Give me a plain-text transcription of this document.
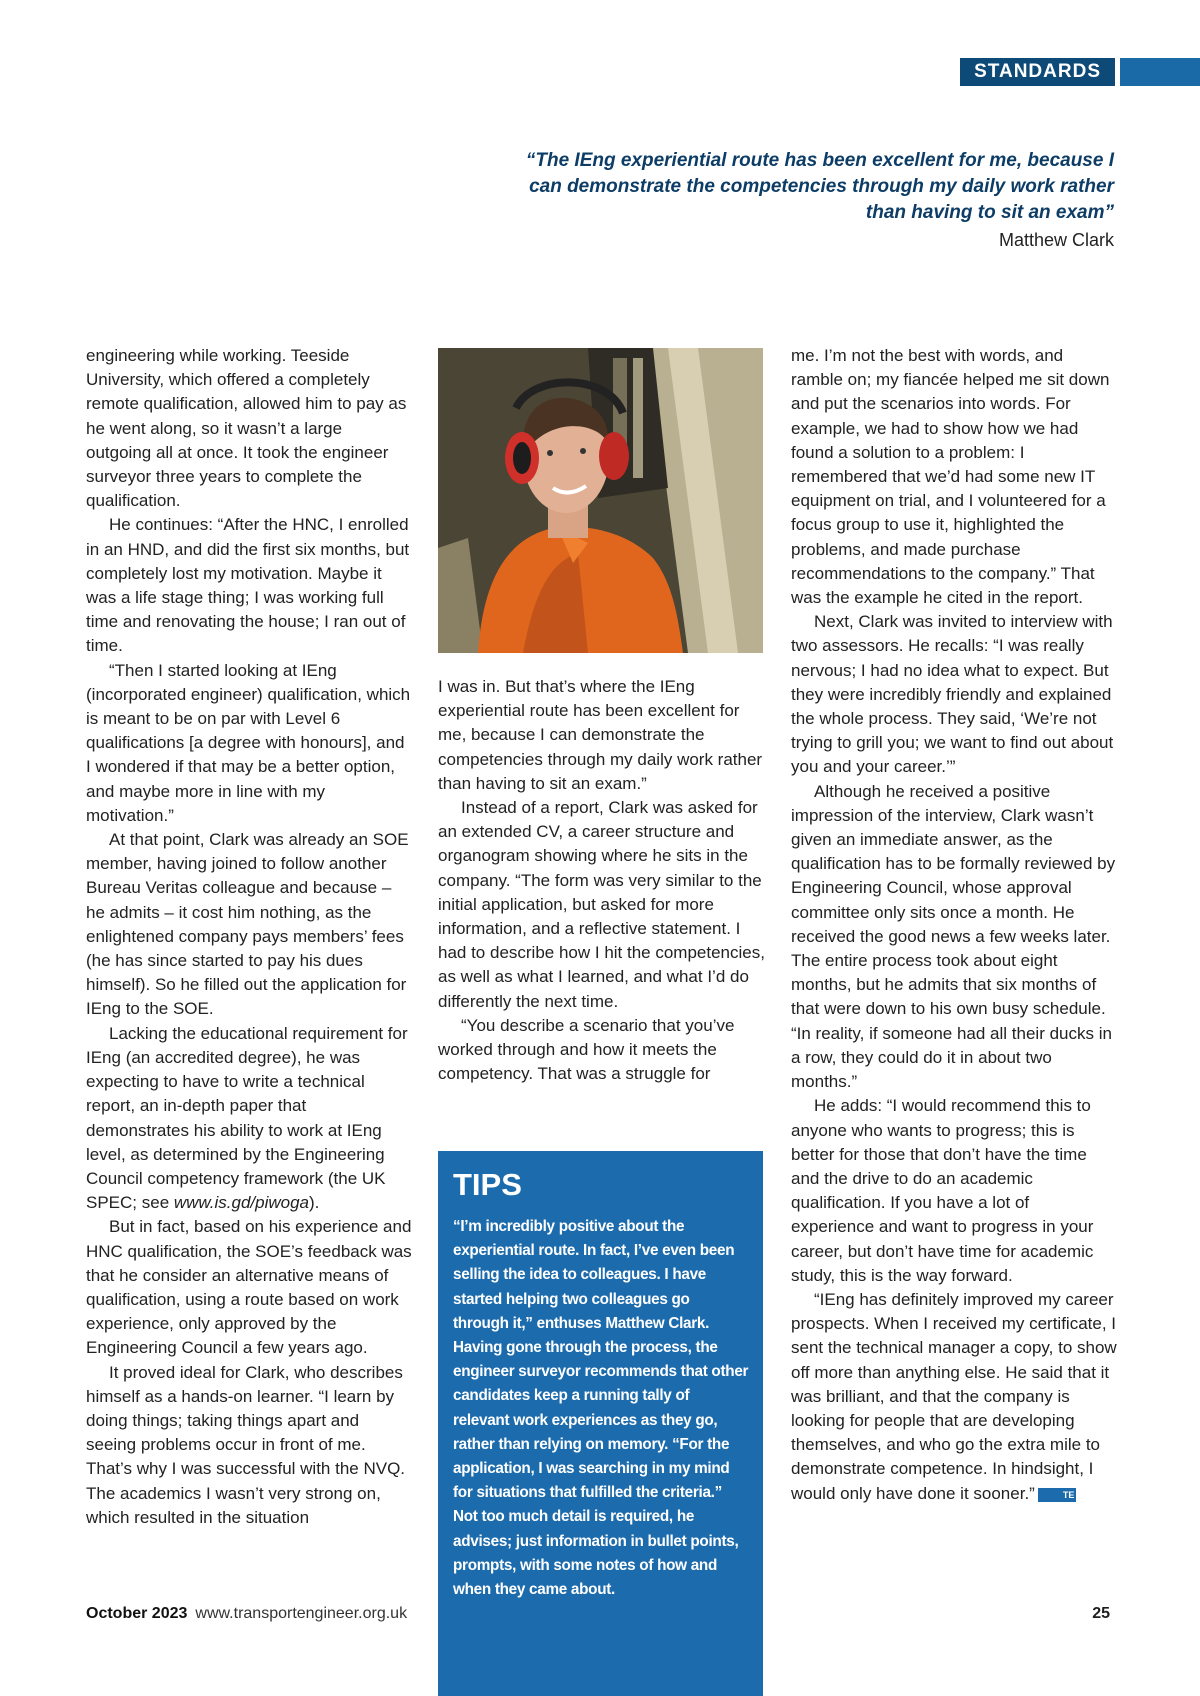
STANDARDS
“The IEng experiential route has been excellent for me, because I can demonstrate the competencies through my daily work rather than having to sit an exam”
Matthew Clark

engineering while working. Teeside University, which offered a completely remote qualification, allowed him to pay as he went along, so it wasn’t a large outgoing all at once. It took the engineer surveyor three years to complete the qualification.

He continues: “After the HNC, I enrolled in an HND, and did the first six months, but completely lost my motivation. Maybe it was a life stage thing; I was working full time and renovating the house; I ran out of time.

“Then I started looking at IEng (incorporated engineer) qualification, which is meant to be on par with Level 6 qualifications [a degree with honours], and I wondered if that may be a better option, and maybe more in line with my motivation.”

At that point, Clark was already an SOE member, having joined to follow another Bureau Veritas colleague and because – he admits – it cost him nothing, as the enlightened company pays members’ fees (he has since started to pay his dues himself). So he filled out the application for IEng to the SOE.

Lacking the educational requirement for IEng (an accredited degree), he was expecting to have to write a technical report, an in-depth paper that demonstrates his ability to work at IEng level, as determined by the Engineering Council competency framework (the UK SPEC; see www.is.gd/piwoga).

But in fact, based on his experience and HNC qualification, the SOE’s feedback was that he consider an alternative means of qualification, using a route based on work experience, only approved by the Engineering Council a few years ago.

It proved ideal for Clark, who describes himself as a hands-on learner. “I learn by doing things; taking things apart and seeing problems occur in front of me. That’s why I was successful with the NVQ. The academics I wasn’t very strong on, which resulted in the situation

I was in. But that’s where the IEng experiential route has been excellent for me, because I can demonstrate the competencies through my daily work rather than having to sit an exam.”

Instead of a report, Clark was asked for an extended CV, a career structure and organogram showing where he sits in the company. “The form was very similar to the initial application, but asked for more information, and a reflective statement. I had to describe how I hit the competencies, as well as what I learned, and what I’d do differently the next time.

“You describe a scenario that you’ve worked through and how it meets the competency. That was a struggle for

TIPS
“I’m incredibly positive about the experiential route. In fact, I’ve even been selling the idea to colleagues. I have started helping two colleagues go through it,” enthuses Matthew Clark. Having gone through the process, the engineer surveyor recommends that other candidates keep a running tally of relevant work experiences as they go, rather than relying on memory. “For the application, I was searching in my mind for situations that fulfilled the criteria.” Not too much detail is required, he advises; just information in bullet points, prompts, with some notes of how and when they came about.

me. I’m not the best with words, and ramble on; my fiancée helped me sit down and put the scenarios into words. For example, we had to show how we had found a solution to a problem: I remembered that we’d had some new IT equipment on trial, and I volunteered for a focus group to use it, highlighted the problems, and made purchase recommendations to the company.” That was the example he cited in the report.

Next, Clark was invited to interview with two assessors. He recalls: “I was really nervous; I had no idea what to expect. But they were incredibly friendly and explained the whole process. They said, ‘We’re not trying to grill you; we want to find out about you and your career.’”

Although he received a positive impression of the interview, Clark wasn’t given an immediate answer, as the qualification has to be formally reviewed by Engineering Council, whose approval committee only sits once a month. He received the good news a few weeks later. The entire process took about eight months, but he admits that six months of that were down to his own busy schedule. “In reality, if someone had all their ducks in a row, they could do it in about two months.”

He adds: “I would recommend this to anyone who wants to progress; this is better for those that don’t have the time and the drive to do an academic qualification. If you have a lot of experience and want to progress in your career, but don’t have time for academic study, this is the way forward.

“IEng has definitely improved my career prospects. When I received my certificate, I sent the technical manager a copy, to show off more than anything else. He said that it was brilliant, and that the company is looking for people that are developing themselves, and who go the extra mile to demonstrate competence. In hindsight, I would only have done it sooner.”	TE

October 2023 www.transportengineer.org.uk	25
